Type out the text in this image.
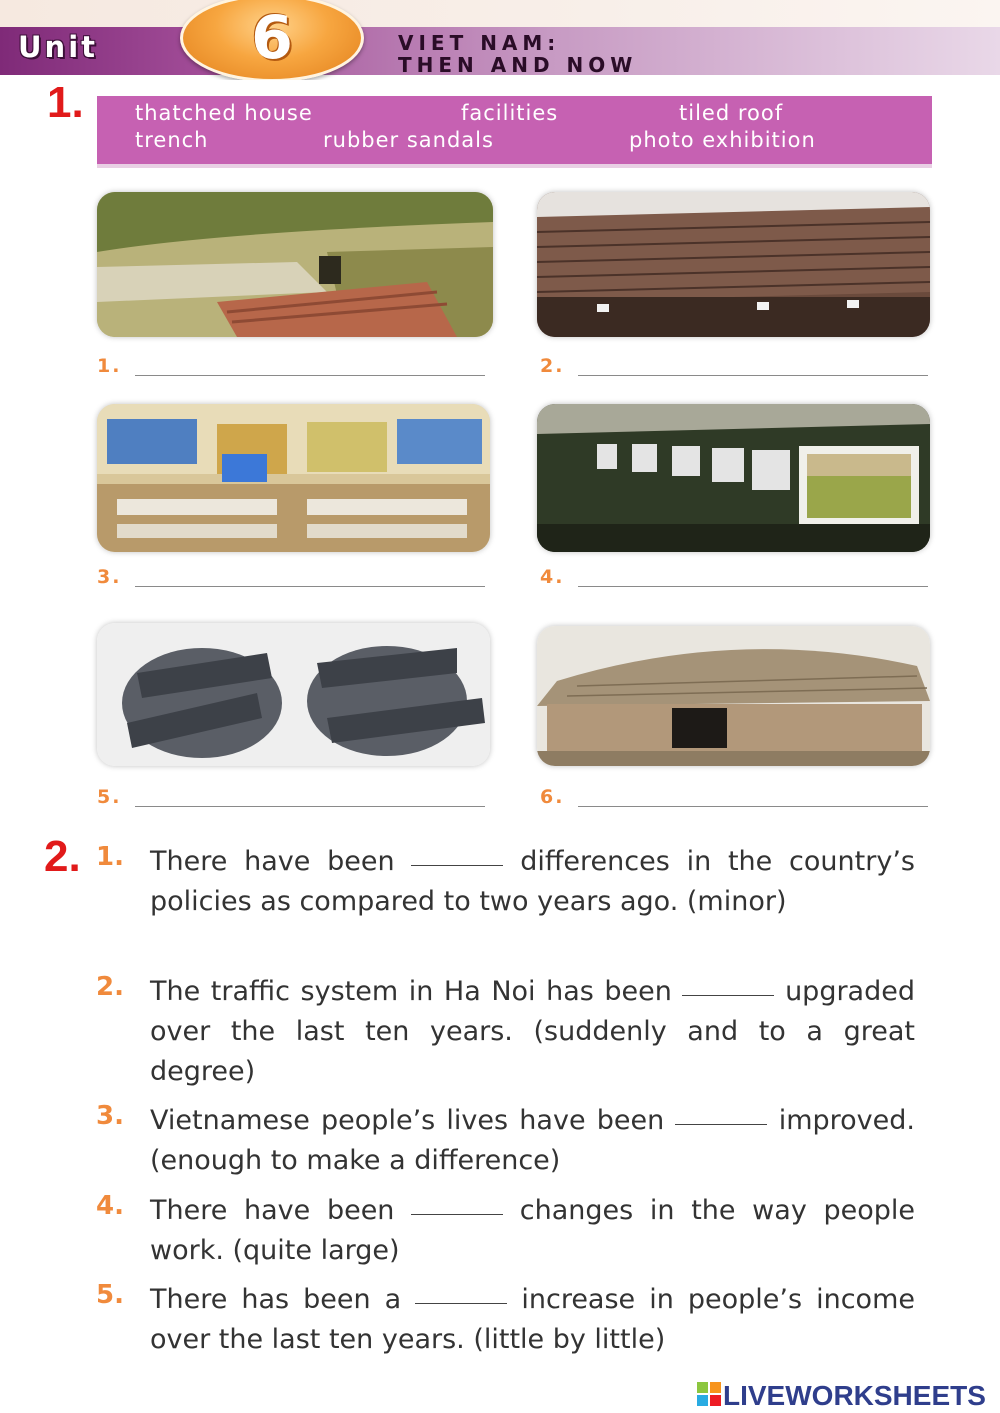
Unit	6	VIET NAM:
THEN AND NOW
1. thatched house	facilities	tiled roof
trench	rubber sandals	photo exhibition
1.	2.
3.	4.
5.	6.
2. 1. There have been	differences in the country’s policies as compared to two years ago. (minor)
2. The traffic system in Ha Noi has been	upgraded over the last ten years. (suddenly and to a great degree)
3. Vietnamese people’s lives have been	improved. (enough to make a difference)
4. There have been	changes in the way people work. (quite large)
5. There has been a	increase in people’s income over the last ten years. (little by little)
LIVEWORKSHEETS
